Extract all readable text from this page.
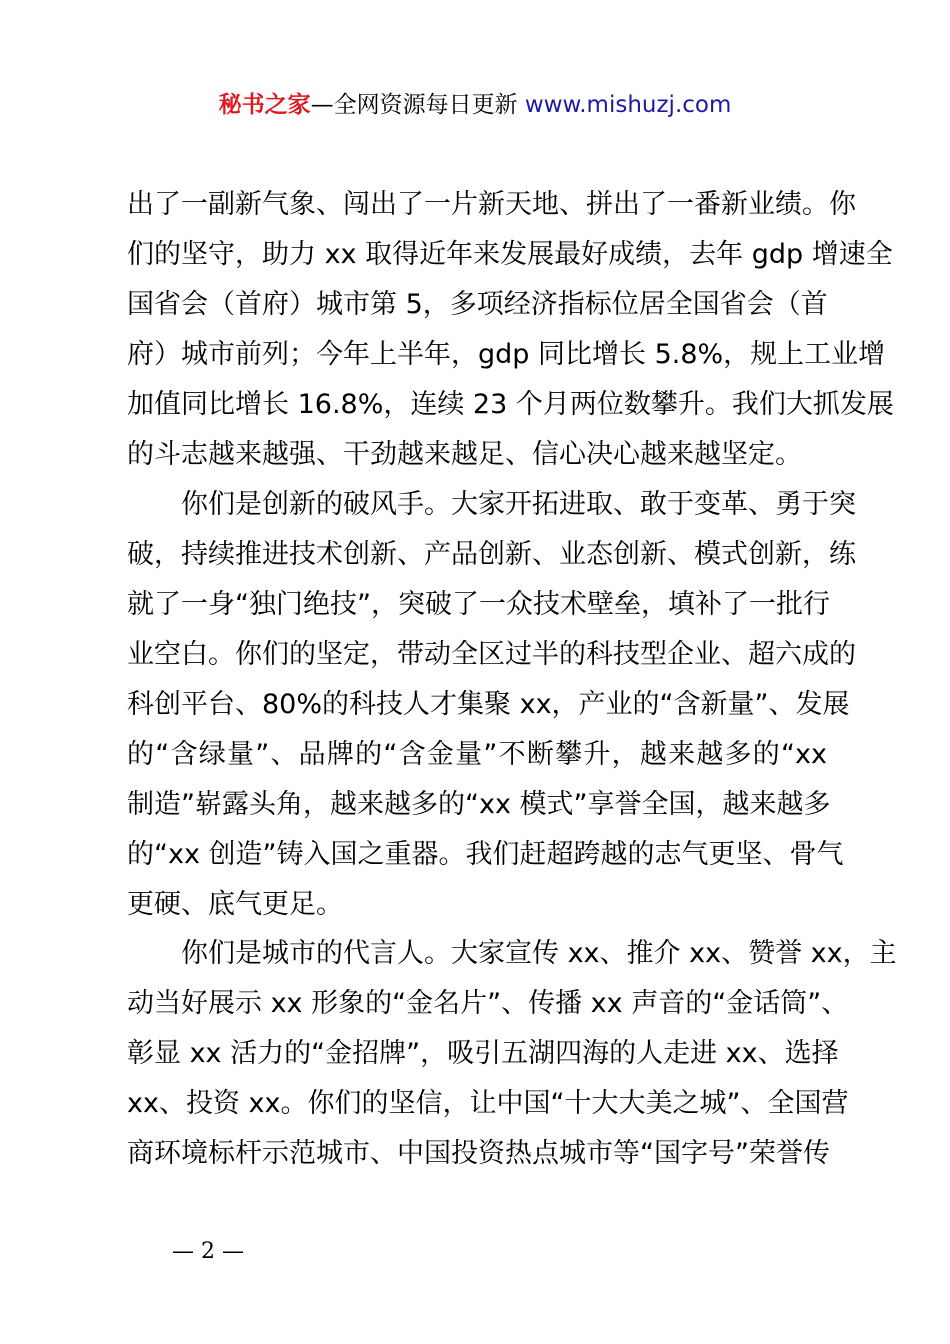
秘书之家—全网资源每日更新 www.mishuzj.com
出了一副新气象、闯出了一片新天地、拼出了一番新业绩。你
们的坚守，助力 xx 取得近年来发展最好成绩，去年 gdp 增速全
国省会（首府）城市第 5，多项经济指标位居全国省会（首
府）城市前列；今年上半年，gdp 同比增长 5.8%，规上工业增
加值同比增长 16.8%，连续 23 个月两位数攀升。我们大抓发展
的斗志越来越强、干劲越来越足、信心决心越来越坚定。
你们是创新的破风手。大家开拓进取、敢于变革、勇于突
破，持续推进技术创新、产品创新、业态创新、模式创新，练
就了一身“独门绝技”，突破了一众技术壁垒，填补了一批行
业空白。你们的坚定，带动全区过半的科技型企业、超六成的
科创平台、80%的科技人才集聚 xx，产业的“含新量”、发展
的“含绿量”、品牌的“含金量”不断攀升，越来越多的“xx
制造”崭露头角，越来越多的“xx 模式”享誉全国，越来越多
的“xx 创造”铸入国之重器。我们赶超跨越的志气更坚、骨气
更硬、底气更足。
你们是城市的代言人。大家宣传 xx、推介 xx、赞誉 xx，主
动当好展示 xx 形象的“金名片”、传播 xx 声音的“金话筒”、
彰显 xx 活力的“金招牌”，吸引五湖四海的人走进 xx、选择
xx、投资 xx。你们的坚信，让中国“十大大美之城”、全国营
商环境标杆示范城市、中国投资热点城市等“国字号”荣誉传
— 2 —
